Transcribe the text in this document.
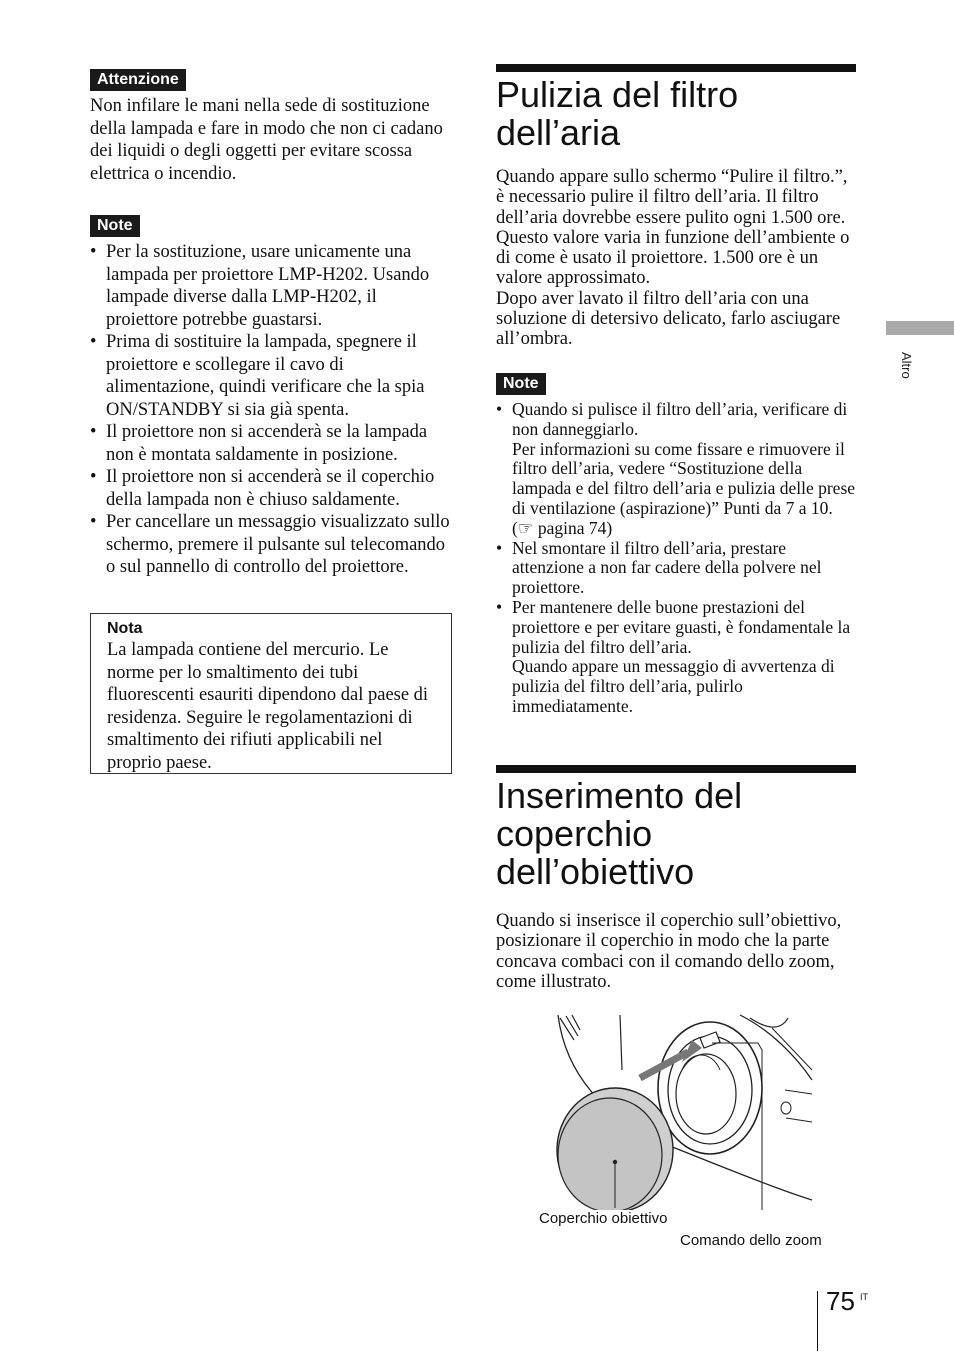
Attenzione

Non infilare le mani nella sede di sostituzione della lampada e fare in modo che non ci cadano dei liquidi o degli oggetti per evitare scossa elettrica o incendio.

Note
• Per la sostituzione, usare unicamente una lampada per proiettore LMP-H202. Usando lampade diverse dalla LMP-H202, il proiettore potrebbe guastarsi.
• Prima di sostituire la lampada, spegnere il proiettore e scollegare il cavo di alimentazione, quindi verificare che la spia ON/STANDBY si sia già spenta.
• Il proiettore non si accenderà se la lampada non è montata saldamente in posizione.
• Il proiettore non si accenderà se il coperchio della lampada non è chiuso saldamente.
• Per cancellare un messaggio visualizzato sullo schermo, premere il pulsante sul telecomando o sul pannello di controllo del proiettore.
Nota
La lampada contiene del mercurio. Le norme per lo smaltimento dei tubi fluorescenti esauriti dipendono dal paese di residenza. Seguire le regolamentazioni di smaltimento dei rifiuti applicabili nel proprio paese.
Pulizia del filtro dell’aria
Quando appare sullo schermo “Pulire il filtro.”, è necessario pulire il filtro dell’aria. Il filtro dell’aria dovrebbe essere pulito ogni 1.500 ore. Questo valore varia in funzione dell’ambiente o di come è usato il proiettore. 1.500 ore è un valore approssimato.
Dopo aver lavato il filtro dell’aria con una soluzione di detersivo delicato, farlo asciugare all’ombra.
Note
• Quando si pulisce il filtro dell’aria, verificare di non danneggiarlo.
Per informazioni su come fissare e rimuovere il filtro dell’aria, vedere “Sostituzione della lampada e del filtro dell’aria e pulizia delle prese di ventilazione (aspirazione)” Punti da 7 a 10. (☞ pagina 74)
• Nel smontare il filtro dell’aria, prestare attenzione a non far cadere della polvere nel proiettore.
• Per mantenere delle buone prestazioni del proiettore e per evitare guasti, è fondamentale la pulizia del filtro dell’aria.
Quando appare un messaggio di avvertenza di pulizia del filtro dell’aria, pulirlo immediatamente.
Inserimento del coperchio dell’obiettivo

Quando si inserisce il coperchio sull’obiettivo, posizionare il coperchio in modo che la parte concava combaci con il comando dello zoom, come illustrato.

Coperchio obiettivo
Comando dello zoom
Altro
75 IT
